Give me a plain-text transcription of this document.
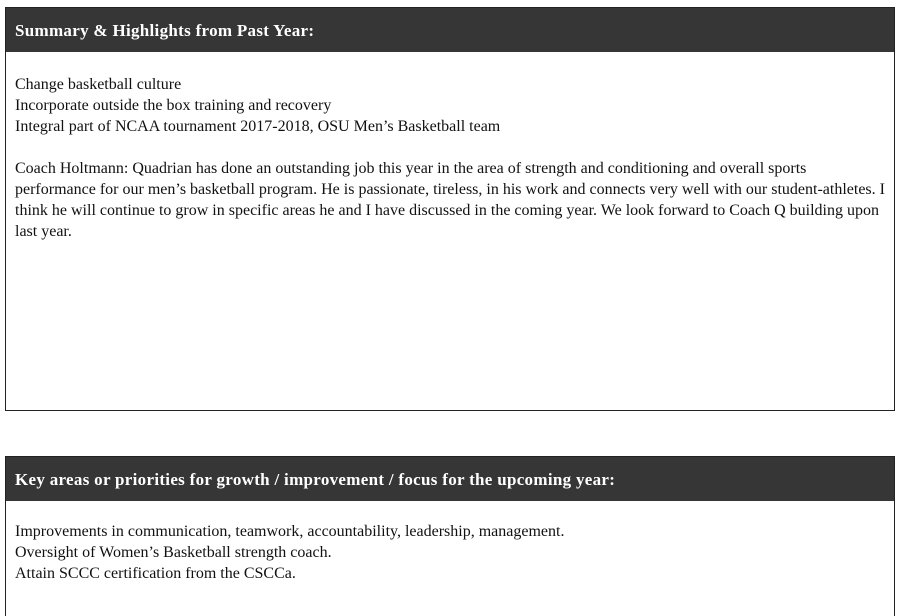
Summary & Highlights from Past Year:
Change basketball culture
Incorporate outside the box training and recovery
Integral part of NCAA tournament 2017-2018, OSU Men’s Basketball team
Coach Holtmann: Quadrian has done an outstanding job this year in the area of strength and conditioning and overall sports performance for our men’s basketball program. He is passionate, tireless, in his work and connects very well with our student-athletes. I think he will continue to grow in specific areas he and I have discussed in the coming year. We look forward to Coach Q building upon last year.
Key areas or priorities for growth / improvement / focus for the upcoming year:
Improvements in communication, teamwork, accountability, leadership, management.
Oversight of Women’s Basketball strength coach.
Attain SCCC certification from the CSCCa.
